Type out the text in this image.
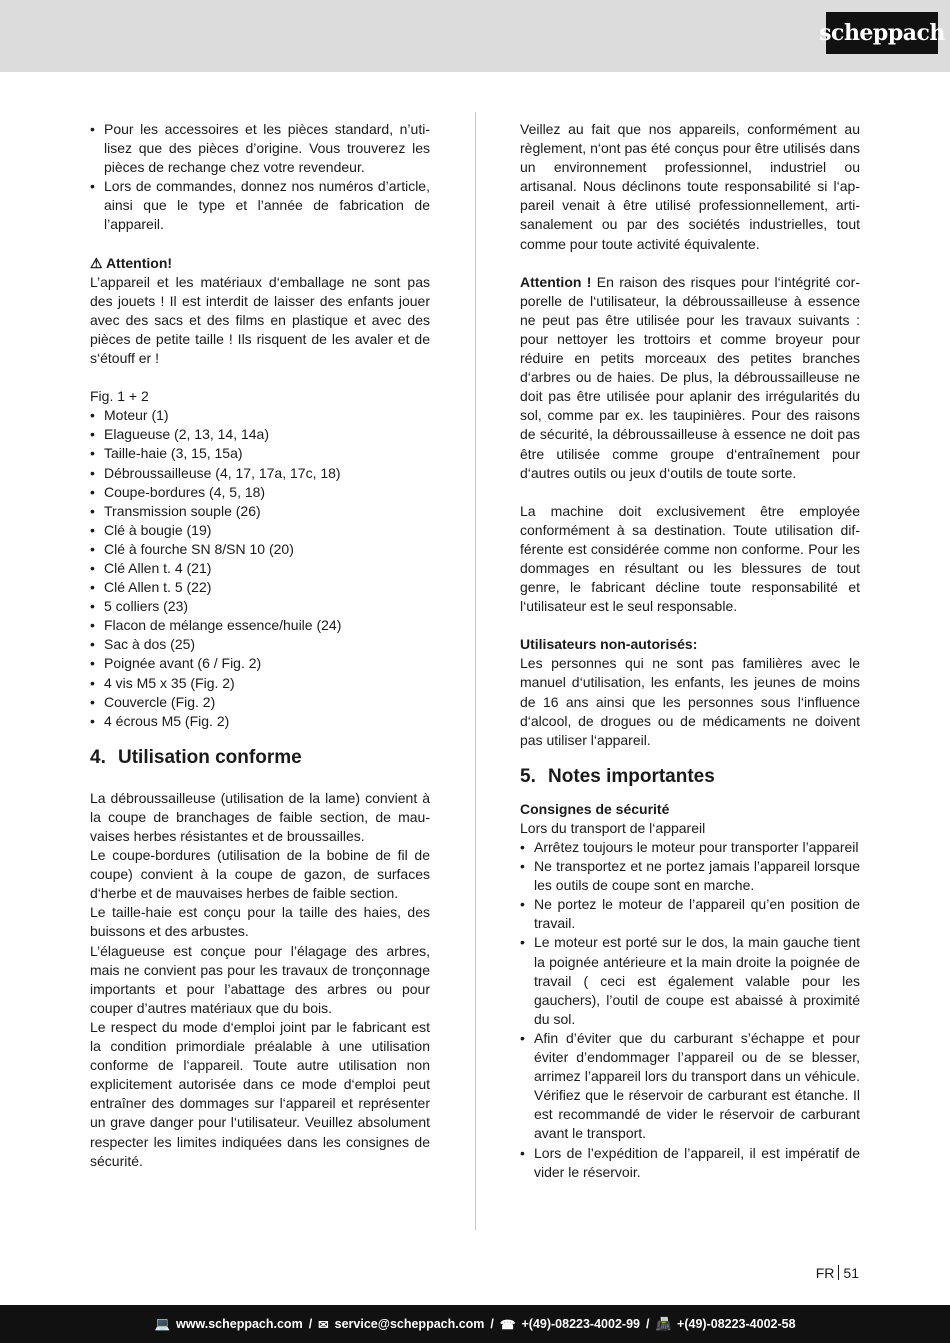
scheppach
• Pour les accessoires et les pièces standard, n’utilisez que des pièces d’origine. Vous trouverez les pièces de rechange chez votre revendeur.
• Lors de commandes, donnez nos numéros d’article, ainsi que le type et l’année de fabrication de l’appareil.

⚠ Attention!

L’appareil et les matériaux d‘emballage ne sont pas des jouets ! Il est interdit de laisser des enfants jouer avec des sacs et des films en plastique et avec des pièces de petite taille ! Ils risquent de les avaler et de s‘étouff er !

Fig. 1 + 2

• Moteur (1)
• Elagueuse (2, 13, 14, 14a)
• Taille-haie (3, 15, 15a)
• Débroussailleuse (4, 17, 17a, 17c, 18)
• Coupe-bordures (4, 5, 18)
• Transmission souple (26)
• Clé à bougie (19)
• Clé à fourche SN 8/SN 10 (20)
• Clé Allen t. 4 (21)
• Clé Allen t. 5 (22)
• 5 colliers (23)
• Flacon de mélange essence/huile (24)
• Sac à dos (25)
• Poignée avant (6 / Fig. 2)
• 4 vis M5 x 35 (Fig. 2)
• Couvercle (Fig. 2)
• 4 écrous M5 (Fig. 2)
4. Utilisation conforme

La débroussailleuse (utilisation de la lame) convient à la coupe de branchages de faible section, de mauvaises herbes résistantes et de broussailles.

Le coupe-bordures (utilisation de la bobine de fil de coupe) convient à la coupe de gazon, de surfaces d‘herbe et de mauvaises herbes de faible section.

Le taille-haie est conçu pour la taille des haies, des buissons et des arbustes.

L’élagueuse est conçue pour l’élagage des arbres, mais ne convient pas pour les travaux de tronçonnage importants et pour l’abattage des arbres ou pour couper d’autres matériaux que du bois.

Le respect du mode d‘emploi joint par le fabricant est la condition primordiale préalable à une utilisation conforme de l‘appareil. Toute autre utilisation non explicitement autorisée dans ce mode d‘emploi peut entraîner des dommages sur l‘appareil et représenter un grave danger pour l‘utilisateur. Veuillez absolument respecter les limites indiquées dans les consignes de sécurité.

Veillez au fait que nos appareils, conformément au règlement, n‘ont pas été conçus pour être utilisés dans un environnement professionnel, industriel ou artisanal. Nous déclinons toute responsabilité si l‘appareil venait à être utilisé professionnellement, artisanalement ou par des sociétés industrielles, tout comme pour toute activité équivalente.

Attention ! En raison des risques pour l‘intégrité corporelle de l‘utilisateur, la débroussailleuse à essence ne peut pas être utilisée pour les travaux suivants : pour nettoyer les trottoirs et comme broyeur pour réduire en petits morceaux des petites branches d‘arbres ou de haies. De plus, la débroussailleuse ne doit pas être utilisée pour aplanir des irrégularités du sol, comme par ex. les taupinières. Pour des raisons de sécurité, la débroussailleuse à essence ne doit pas être utilisée comme groupe d‘entraînement pour d‘autres outils ou jeux d‘outils de toute sorte.

La machine doit exclusivement être employée conformément à sa destination. Toute utilisation différente est considérée comme non conforme. Pour les dommages en résultant ou les blessures de tout genre, le fabricant décline toute responsabilité et l‘utilisateur est le seul responsable.

Utilisateurs non-autorisés:

Les personnes qui ne sont pas familières avec le manuel d‘utilisation, les enfants, les jeunes de moins de 16 ans ainsi que les personnes sous l‘influence d‘alcool, de drogues ou de médicaments ne doivent pas utiliser l‘appareil.

5. Notes importantes

Consignes de sécurité

Lors du transport de l‘appareil

• Arrêtez toujours le moteur pour transporter l’appareil
• Ne transportez et ne portez jamais l’appareil lorsque les outils de coupe sont en marche.
• Ne portez le moteur de l’appareil qu’en position de travail.
• Le moteur est porté sur le dos, la main gauche tient la poignée antérieure et la main droite la poignée de travail ( ceci est également valable pour les gauchers), l’outil de coupe est abaissé à proximité du sol.
• Afin d’éviter que du carburant s’échappe et pour éviter d’endommager l’appareil ou de se blesser, arrimez l’appareil lors du transport dans un véhicule. Vérifiez que le réservoir de carburant est étanche. Il est recommandé de vider le réservoir de carburant avant le transport.
• Lors de l’expédition de l’appareil, il est impératif de vider le réservoir.
FR 51
💻 www.scheppach.com / ✉ service@scheppach.com / ☎ +(49)-08223-4002-99 / 📠 +(49)-08223-4002-58
